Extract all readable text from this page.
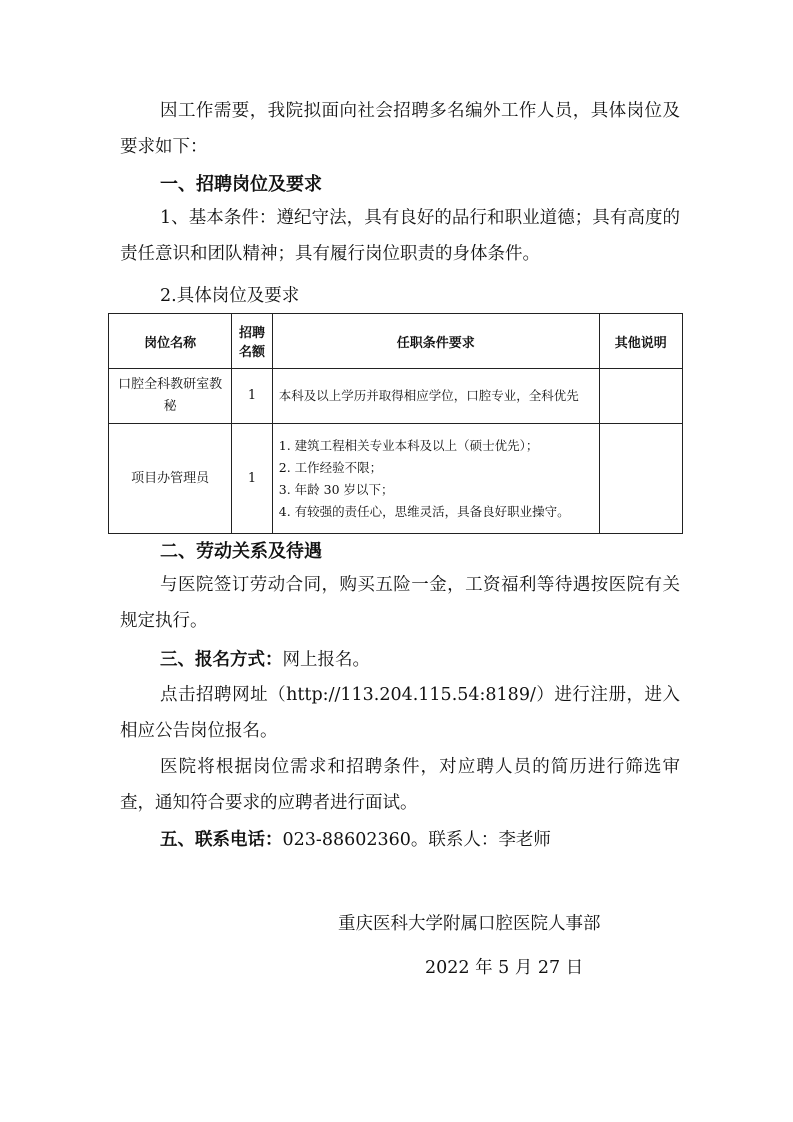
因工作需要，我院拟面向社会招聘多名编外工作人员，具体岗位及要求如下：

一、招聘岗位及要求

1、基本条件：遵纪守法，具有良好的品行和职业道德；具有高度的责任意识和团队精神；具有履行岗位职责的身体条件。

2.具体岗位及要求

岗位名称	招聘名额	任职条件要求	其他说明
口腔全科教研室教秘	1	本科及以上学历并取得相应学位，口腔专业，全科优先	

项目办管理员	1	1. 建筑工程相关专业本科及以上（硕士优先）；
2. 工作经验不限；
3. 年龄 30 岁以下；
4. 有较强的责任心，思维灵活，具备良好职业操守。	

二、劳动关系及待遇

与医院签订劳动合同，购买五险一金，工资福利等待遇按医院有关规定执行。

三、报名方式：网上报名。

点击招聘网址（http://113.204.115.54:8189/）进行注册，进入相应公告岗位报名。

医院将根据岗位需求和招聘条件，对应聘人员的简历进行筛选审查，通知符合要求的应聘者进行面试。

五、联系电话：023-88602360。联系人：李老师

重庆医科大学附属口腔医院人事部

2022 年 5 月 27 日
